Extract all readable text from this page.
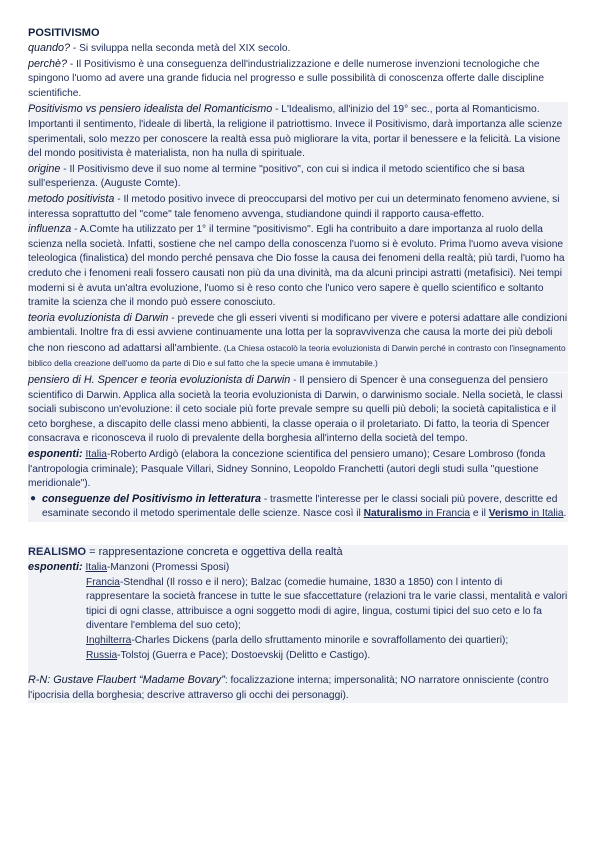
POSITIVISMO

quando? - Si sviluppa nella seconda metà del XIX secolo.

perchè? - Il Positivismo è una conseguenza dell'industrializzazione e delle numerose invenzioni tecnologiche che spingono l'uomo ad avere una grande fiducia nel progresso e sulle possibilità di conoscenza offerte dalle discipline scientifiche.

Positivismo vs pensiero idealista del Romanticismo - L'Idealismo, all'inizio del 19° sec., porta al Romanticismo. Importanti il sentimento, l'ideale di libertà, la religione il patriottismo. Invece il Positivismo, darà importanza alle scienze sperimentali, solo mezzo per conoscere la realtà essa può migliorare la vita, portar il benessere e la felicità. La visione del mondo positivista è materialista, non ha nulla di spirituale.

origine - Il Positivismo deve il suo nome al termine "positivo", con cui si indica il metodo scientifico che si basa sull'esperienza. (Auguste Comte).

metodo positivista - Il metodo positivo invece di preoccuparsi del motivo per cui un determinato fenomeno avviene, si interessa soprattutto del "come" tale fenomeno avvenga, studiandone quindi il rapporto causa-effetto.

influenza - A.Comte ha utilizzato per 1° il termine "positivismo". Egli ha contribuito a dare importanza al ruolo della scienza nella società. Infatti, sostiene che nel campo della conoscenza l'uomo si è evoluto. Prima l'uomo aveva visione teleologica (finalistica) del mondo perché pensava che Dio fosse la causa dei fenomeni della realtà; più tardi, l'uomo ha creduto che i fenomeni reali fossero causati non più da una divinità, ma da alcuni principi astratti (metafisici). Nei tempi moderni si è avuta un'altra evoluzione, l'uomo si è reso conto che l'unico vero sapere è quello scientifico e soltanto tramite la scienza che il mondo può essere conosciuto.

teoria evoluzionista di Darwin - prevede che gli esseri viventi si modificano per vivere e potersi adattare alle condizioni ambientali. Inoltre fra di essi avviene continuamente una lotta per la sopravvivenza che causa la morte dei più deboli che non riescono ad adattarsi all'ambiente. (La Chiesa ostacolò la teoria evoluzionista di Darwin perché in contrasto con l'insegnamento biblico della creazione dell'uomo da parte di Dio e sul fatto che la specie umana è immutabile.)

pensiero di H. Spencer e teoria evoluzionista di Darwin - Il pensiero di Spencer è una conseguenza del pensiero scientifico di Darwin. Applica alla società la teoria evoluzionista di Darwin, o darwinismo sociale. Nella società, le classi sociali subiscono un'evoluzione: il ceto sociale più forte prevale sempre su quelli più deboli; la società capitalistica e il ceto borghese, a discapito delle classi meno abbienti, la classe operaia o il proletariato. Di fatto, la teoria di Spencer consacrava e riconosceva il ruolo di prevalente della borghesia all'interno della società del tempo.

esponenti: Italia-Roberto Ardigò (elabora la concezione scientifica del pensiero umano); Cesare Lombroso (fonda l'antropologia criminale); Pasquale Villari, Sidney Sonnino, Leopoldo Franchetti (autori degli studi sulla "questione meridionale").

● conseguenze del Positivismo in letteratura - trasmette l'interesse per le classi sociali più povere, descritte ed esaminate secondo il metodo sperimentale delle scienze. Nasce così il Naturalismo in Francia e il Verismo in Italia.

REALISMO = rappresentazione concreta e oggettiva della realtà

esponenti: Italia-Manzoni (Promessi Sposi)

Francia-Stendhal (Il rosso e il nero); Balzac (comedie humaine, 1830 a 1850) con l intento di rappresentare la società francese in tutte le sue sfaccettature (relazioni tra le varie classi, mentalità e valori tipici di ogni classe, attribuisce a ogni soggetto modi di agire, lingua, costumi tipici del suo ceto e lo fa diventare l'emblema del suo ceto);

Inghilterra-Charles Dickens (parla dello sfruttamento minorile e sovraffollamento dei quartieri);

Russia-Tolstoj (Guerra e Pace); Dostoevskij (Delitto e Castigo).

R-N: Gustave Flaubert “Madame Bovary”: focalizzazione interna; impersonalità; NO narratore onnisciente (contro l'ipocrisia della borghesia; descrive attraverso gli occhi dei personaggi).
